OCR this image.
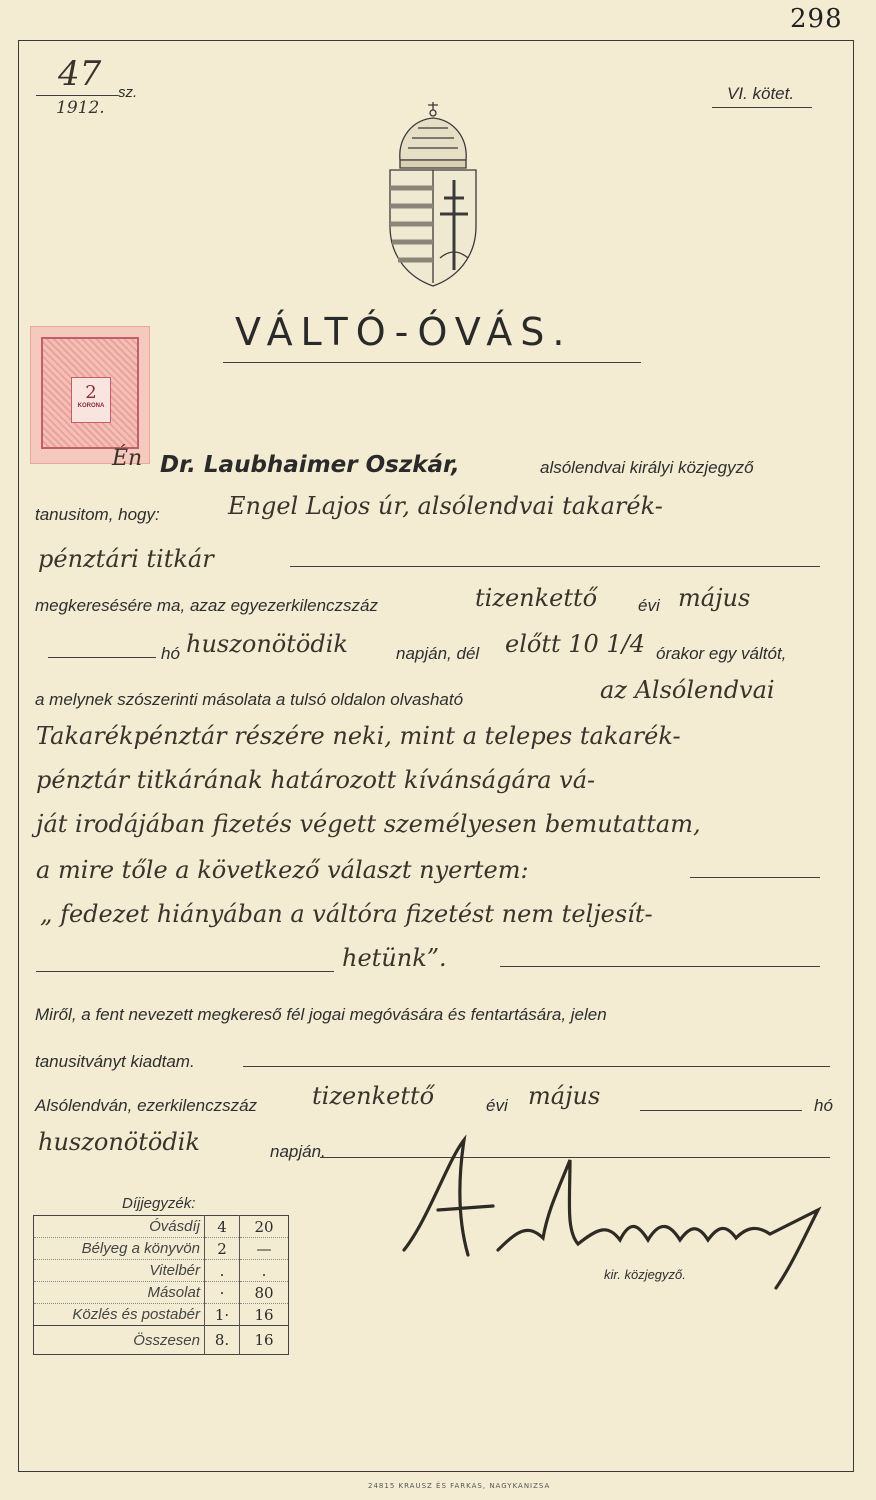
298
47 sz.
1912.
VI. kötet.
VÁLTÓ-ÓVÁS.
2
KORONA
Én Dr. Laubhaimer Oszkár,	alsólendvai királyi közjegyző
tanusitom, hogy:	Engel Lajos úr, alsólendvai takarék-
pénztári titkár
megkeresésére ma, azaz egyezerkilenczszáz	tizenkettő évi május
hó huszonötödik	napján, dél előtt 10 1/4 órakor egy váltót,
a melynek szószerinti másolata a tulsó oldalon olvasható	az Alsólendvai
Takarékpénztár részére neki, mint a telepes takarék-
pénztár titkárának határozott kívánságára vá-
ját irodájában fizetés végett személyesen bemutattam,
a mire tőle a következő választ nyertem:
„ fedezet hiányában a váltóra fizetést nem teljesít-
hetünk”.
Miről, a fent nevezett megkereső fél jogai megóvására és fentartására, jelen
tanusitványt kiadtam.
Alsólendván, ezerkilenczszáz tizenkettő	évi május	hó
huszonötödik	napján.
kir. közjegyző.
Díjjegyzék:
Óvásdíj	4	20
Bélyeg a könyvön	2	—
Vitelbér	.	.
Másolat	·	80
Közlés és postabér	1·	16
Összesen	8.	16
24815 KRAUSZ ÉS FARKAS, NAGYKANIZSA
